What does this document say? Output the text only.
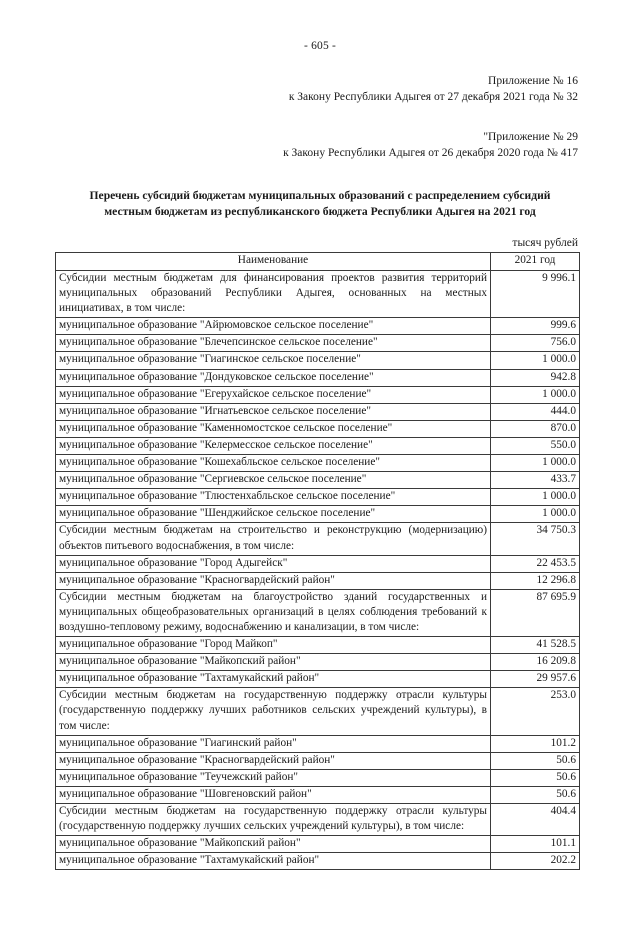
- 605 -
Приложение № 16
к Закону Республики Адыгея от 27 декабря 2021 года № 32
"Приложение № 29
к Закону Республики Адыгея от 26 декабря 2020 года № 417
Перечень субсидий бюджетам муниципальных образований с распределением субсидий местным бюджетам из республиканского бюджета Республики Адыгея на 2021 год
тысяч рублей
Наименование	2021 год
Субсидии местным бюджетам для финансирования проектов развития территорий муниципальных образований Республики Адыгея, основанных на местных инициативах, в том числе:	9 996.1
муниципальное образование "Айрюмовское сельское поселение"	999.6
муниципальное образование "Блечепсинское сельское поселение"	756.0
муниципальное образование "Гиагинское сельское поселение"	1 000.0
муниципальное образование "Дондуковское сельское поселение"	942.8
муниципальное образование "Егерухайское сельское поселение"	1 000.0
муниципальное образование "Игнатьевское сельское поселение"	444.0
муниципальное образование "Каменномостское сельское поселение"	870.0
муниципальное образование "Келермесское сельское поселение"	550.0
муниципальное образование "Кошехабльское сельское поселение"	1 000.0
муниципальное образование "Сергиевское сельское поселение"	433.7
муниципальное образование "Тлюстенхабльское сельское поселение"	1 000.0
муниципальное образование "Шенджийское сельское поселение"	1 000.0
Субсидии местным бюджетам на строительство и реконструкцию (модернизацию) объектов питьевого водоснабжения, в том числе:	34 750.3
муниципальное образование "Город Адыгейск"	22 453.5
муниципальное образование "Красногвардейский район"	12 296.8
Субсидии местным бюджетам на благоустройство зданий государственных и муниципальных общеобразовательных организаций в целях соблюдения требований к воздушно-тепловому режиму, водоснабжению и канализации, в том числе:	87 695.9
муниципальное образование "Город Майкоп"	41 528.5
муниципальное образование "Майкопский район"	16 209.8
муниципальное образование "Тахтамукайский район"	29 957.6
Субсидии местным бюджетам на государственную поддержку отрасли культуры (государственную поддержку лучших работников сельских учреждений культуры), в том числе:	253.0
муниципальное образование "Гиагинский район"	101.2
муниципальное образование "Красногвардейский район"	50.6
муниципальное образование "Теучежский район"	50.6
муниципальное образование "Шовгеновский район"	50.6
Субсидии местным бюджетам на государственную поддержку отрасли культуры (государственную поддержку лучших сельских учреждений культуры), в том числе:	404.4
муниципальное образование "Майкопский район"	101.1
муниципальное образование "Тахтамукайский район"	202.2
